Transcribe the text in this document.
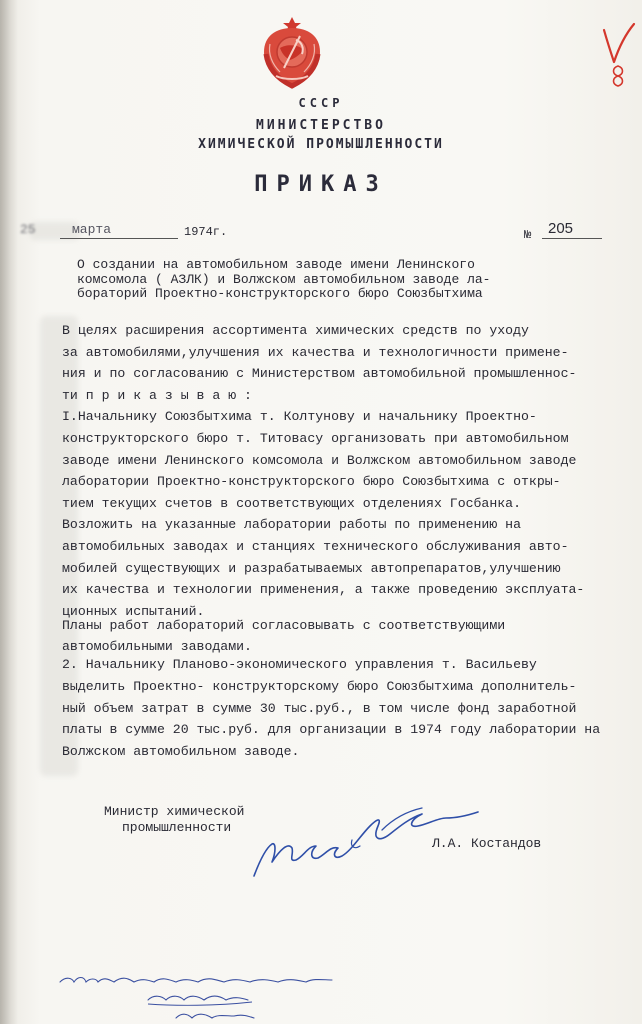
СССР
МИНИСТЕРСТВО
ХИМИЧЕСКОЙ ПРОМЫШЛЕННОСТИ
ПРИКАЗ
25	марта	1974г.	№ 205
О создании на автомобильном заводе имени Ленинского
комсомола ( АЗЛК) и Волжском автомобильном заводе ла-
бораторий Проектно-конструкторского бюро Союзбытхима
В целях расширения ассортимента химических средств по уходу
за автомобилями,улучшения их качества и технологичности примене-
ния и по согласованию с Министерством автомобильной промышленнос-
ти п р и к а з ы в а ю :
I.Начальнику Союзбытхима т. Колтунову и начальнику Проектно-
конструкторского бюро т. Титовасу организовать при автомобильном
заводе имени Ленинского комсомола и Волжском автомобильном заводе
лаборатории Проектно-конструкторского бюро Союзбытхима с откры-
тием текущих счетов в соответствующих отделениях Госбанка.
Возложить на указанные лаборатории работы по применению на
автомобильных заводах и станциях технического обслуживания авто-
мобилей существующих и разрабатываемых автопрепаратов,улучшению
их качества и технологии применения, а также проведению эксплуата-
ционных испытаний.
Планы работ лабораторий согласовывать с соответствующими
автомобильными заводами.
2. Начальнику Планово-экономического управления т. Васильеву
выделить Проектно- конструкторскому бюро Союзбытхима дополнитель-
ный объем затрат в сумме 30 тыс.руб., в том числе фонд заработной
платы в сумме 20 тыс.руб. для организации в 1974 году лаборатории на
Волжском автомобильном заводе.
Министр химической
промышленности
Л.А. Костандов
